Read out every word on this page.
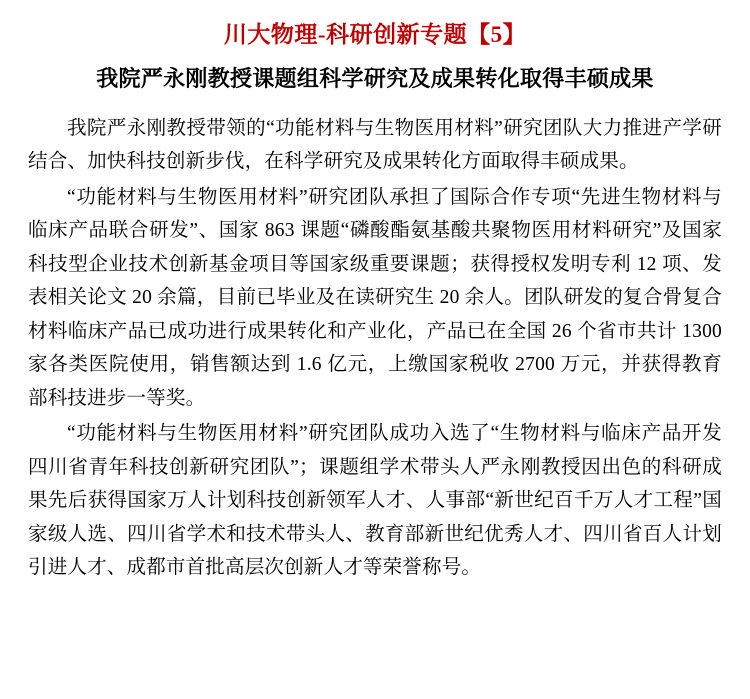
川大物理-科研创新专题【5】
我院严永刚教授课题组科学研究及成果转化取得丰硕成果

我院严永刚教授带领的“功能材料与生物医用材料”研究团队大力推进产学研结合、加快科技创新步伐，在科学研究及成果转化方面取得丰硕成果。

“功能材料与生物医用材料”研究团队承担了国际合作专项“先进生物材料与临床产品联合研发”、国家 863 课题“磷酸酯氨基酸共聚物医用材料研究”及国家科技型企业技术创新基金项目等国家级重要课题；获得授权发明专利 12 项、发表相关论文 20 余篇，目前已毕业及在读研究生 20 余人。团队研发的复合骨复合材料临床产品已成功进行成果转化和产业化，产品已在全国 26 个省市共计 1300 家各类医院使用，销售额达到 1.6 亿元，上缴国家税收 2700 万元，并获得教育部科技进步一等奖。

“功能材料与生物医用材料”研究团队成功入选了“生物材料与临床产品开发四川省青年科技创新研究团队”；课题组学术带头人严永刚教授因出色的科研成果先后获得国家万人计划科技创新领军人才、人事部“新世纪百千万人才工程”国家级人选、四川省学术和技术带头人、教育部新世纪优秀人才、四川省百人计划引进人才、成都市首批高层次创新人才等荣誉称号。
